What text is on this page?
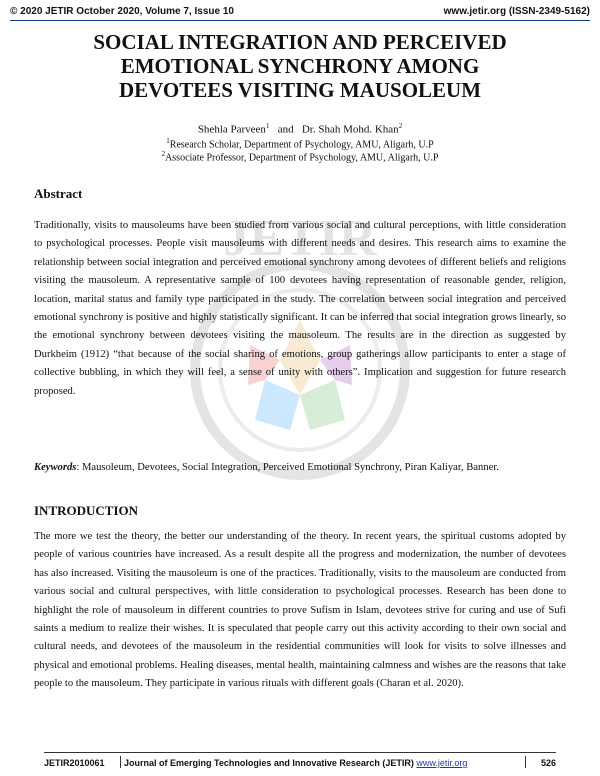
© 2020 JETIR October 2020, Volume 7, Issue 10	www.jetir.org (ISSN-2349-5162)
JETIR
SOCIAL INTEGRATION AND PERCEIVED
EMOTIONAL SYNCHRONY AMONG
DEVOTEES VISITING MAUSOLEUM
Shehla Parveen$^1$ and Dr. Shah Mohd. Khan$^2$
$^1$Research Scholar, Department of Psychology, AMU, Aligarh, U.P
$^2$Associate Professor, Department of Psychology, AMU, Aligarh, U.P
Abstract
Traditionally, visits to mausoleums have been studied from various social and cultural perceptions, with little consideration to psychological processes. People visit mausoleums with different needs and desires. This research aims to examine the relationship between social integration and perceived emotional synchrony among devotees of different beliefs and religions visiting the mausoleum. A representative sample of 100 devotees having representation of reasonable gender, religion, location, marital status and family type participated in the study. The correlation between social integration and perceived emotional synchrony is positive and highly statistically significant. It can be inferred that social integration grows linearly, so the emotional synchrony between devotees visiting the mausoleum. The results are in the direction as suggested by Durkheim (1912) “that because of the social sharing of emotions, group gatherings allow participants to enter a stage of collective bubbling, in which they will feel, a sense of unity with others”. Implication and suggestion for future research proposed.
Keywords: Mausoleum, Devotees, Social Integration, Perceived Emotional Synchrony, Piran Kaliyar, Banner.
INTRODUCTION
The more we test the theory, the better our understanding of the theory. In recent years, the spiritual customs adopted by people of various countries have increased. As a result despite all the progress and modernization, the number of devotees has also increased. Visiting the mausoleum is one of the practices. Traditionally, visits to the mausoleum are conducted from various social and cultural perspectives, with little consideration to psychological processes. Research has been done to highlight the role of mausoleum in different countries to prove Sufism in Islam, devotees strive for curing and use of Sufi saints a medium to realize their wishes. It is speculated that people carry out this activity according to their own social and cultural needs, and devotees of the mausoleum in the residential communities will look for visits to solve illnesses and physical and emotional problems. Healing diseases, mental health, maintaining calmness and wishes are the reasons that take people to the mausoleum. They participate in various rituals with different goals (Charan et al. 2020).
JETIR2010061 Journal of Emerging Technologies and Innovative Research (JETIR) www.jetir.org	526
